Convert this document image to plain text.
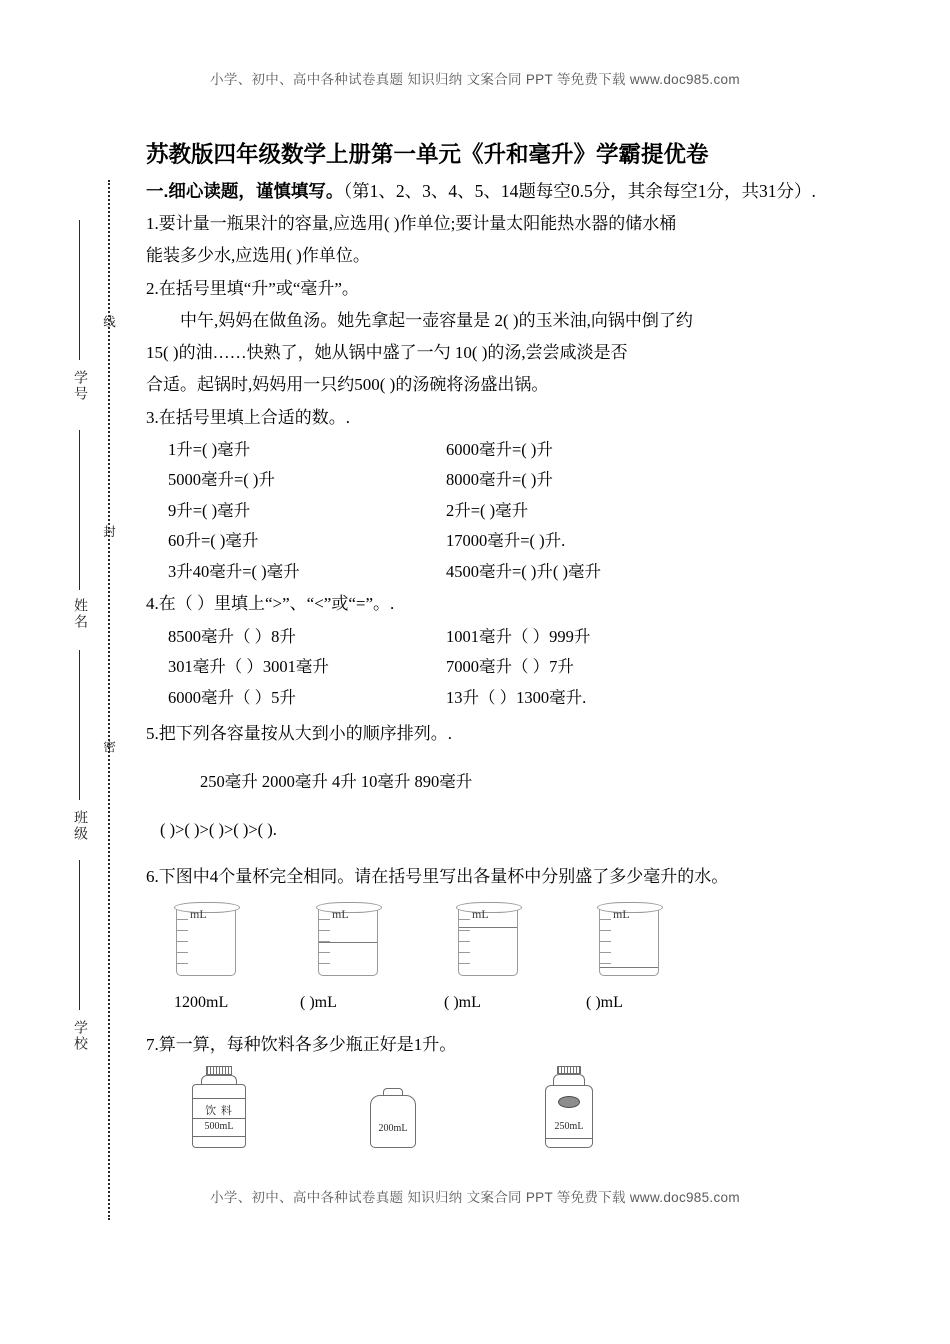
小学、初中、高中各种试卷真题 知识归纳 文案合同 PPT 等免费下载 www.doc985.com
学号
姓名
班级
学校
线
封
密
苏教版四年级数学上册第一单元《升和毫升》学霸提优卷

一.细心读题，谨慎填写。（第1、2、3、4、5、14题每空0.5分，其余每空1分，共31分）.

1.要计量一瓶果汁的容量,应选用( )作单位;要计量太阳能热水器的储水桶

能装多少水,应选用( )作单位。

2.在括号里填“升”或“毫升”。

中午,妈妈在做鱼汤。她先拿起一壶容量是 2( )的玉米油,向锅中倒了约

15( )的油……快熟了，她从锅中盛了一勺 10( )的汤,尝尝咸淡是否

合适。起锅时,妈妈用一只约500( )的汤碗将汤盛出锅。

3.在括号里填上合适的数。.

1升=( )毫升	6000毫升=( )升
5000毫升=( )升	8000毫升=( )升
9升=( )毫升	2升=( )毫升
60升=( )毫升	17000毫升=( )升.
3升40毫升=( )毫升	4500毫升=( )升( )毫升

4.在（ ）里填上“>”、“<”或“=”。.

8500毫升（ ）8升	1001毫升（ ）999升
301毫升（ ）3001毫升	7000毫升（ ）7升
6000毫升（ ）5升	13升（ ）1300毫升.

5.把下列各容量按从大到小的顺序排列。.

250毫升 2000毫升 4升 10毫升 890毫升

( )>( )>( )>( )>( ).

6.下图中4个量杯完全相同。请在括号里写出各量杯中分别盛了多少毫升的水。

mL	mL	mL	mL
1200mL	( )mL	( )mL	( )mL

7.算一算，每种饮料各多少瓶正好是1升。

饮 料
500mL	200mL	250mL
小学、初中、高中各种试卷真题 知识归纳 文案合同 PPT 等免费下载 www.doc985.com
